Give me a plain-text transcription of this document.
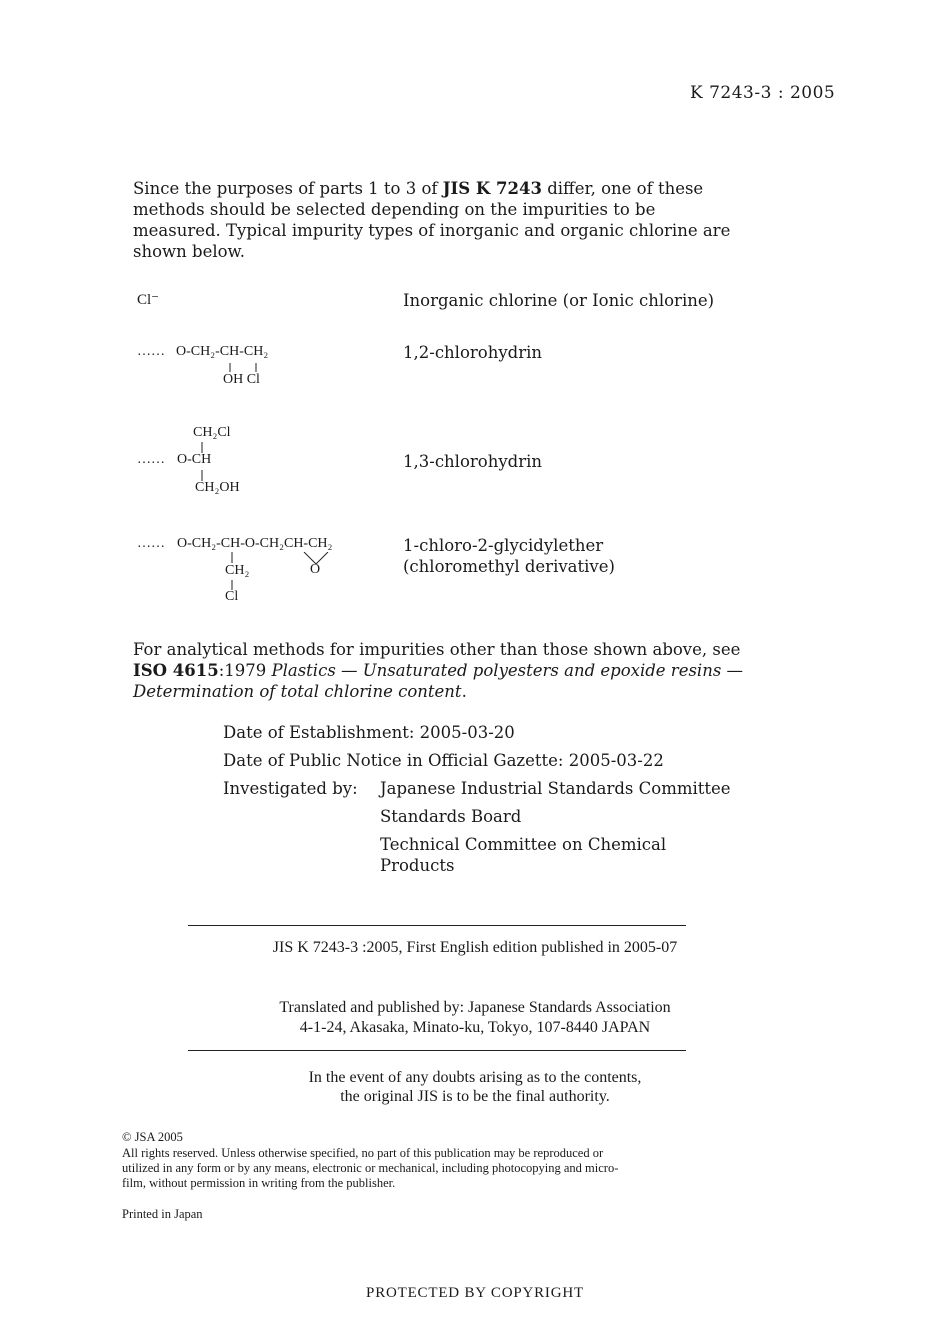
K 7243-3 : 2005
Since the purposes of parts 1 to 3 of JIS K 7243 differ, one of these methods should be selected depending on the impurities to be measured. Typical impurity types of inorganic and organic chlorine are shown below.
Cl⁻	Inorganic chlorine (or Ionic chlorine)
…… O-CH₂-CH-CH₂
OH Cl
1,2-chlorohydrin
CH₂Cl
…… O-CH
CH₂OH
1,3-chlorohydrin
…… O-CH₂-CH-O-CH₂CH-CH₂
CH₂	O
Cl
1-chloro-2-glycidylether
(chloromethyl derivative)
For analytical methods for impurities other than those shown above, see ISO 4615:1979 Plastics — Unsaturated polyesters and epoxide resins — Determination of total chlorine content.
Date of Establishment: 2005-03-20
Date of Public Notice in Official Gazette: 2005-03-22
Investigated by: Japanese Industrial Standards Committee
Standards Board
Technical Committee on Chemical
Products
JIS K 7243-3 :2005, First English edition published in 2005-07
Translated and published by: Japanese Standards Association
4-1-24, Akasaka, Minato-ku, Tokyo, 107-8440 JAPAN
In the event of any doubts arising as to the contents,
the original JIS is to be the final authority.
© JSA 2005
All rights reserved. Unless otherwise specified, no part of this publication may be reproduced or
utilized in any form or by any means, electronic or mechanical, including photocopying and micro-
film, without permission in writing from the publisher.
Printed in Japan
PROTECTED BY COPYRIGHT
